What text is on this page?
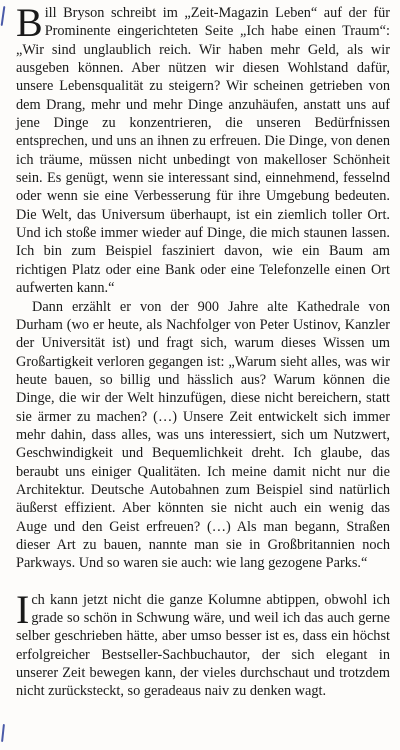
Bill Bryson schreibt im „Zeit-Magazin Leben“ auf der für Prominente eingerichteten Seite „Ich habe einen Traum“: „Wir sind unglaublich reich. Wir haben mehr Geld, als wir ausgeben können. Aber nützen wir diesen Wohlstand dafür, unsere Lebensqualität zu steigern? Wir scheinen getrieben von dem Drang, mehr und mehr Dinge anzuhäufen, anstatt uns auf jene Dinge zu konzentrieren, die unseren Bedürfnissen entsprechen, und uns an ihnen zu erfreuen. Die Dinge, von denen ich träume, müssen nicht unbedingt von makelloser Schönheit sein. Es genügt, wenn sie interessant sind, einnehmend, fesselnd oder wenn sie eine Verbesserung für ihre Umgebung bedeuten. Die Welt, das Universum überhaupt, ist ein ziemlich toller Ort. Und ich stoße immer wieder auf Dinge, die mich staunen lassen. Ich bin zum Beispiel fasziniert davon, wie ein Baum am richtigen Platz oder eine Bank oder eine Telefonzelle einen Ort aufwerten kann.“

Dann erzählt er von der 900 Jahre alte Kathedrale von Durham (wo er heute, als Nachfolger von Peter Ustinov, Kanzler der Universität ist) und fragt sich, warum dieses Wissen um Großartigkeit verloren gegangen ist: „Warum sieht alles, was wir heute bauen, so billig und hässlich aus? Warum können die Dinge, die wir der Welt hinzufügen, diese nicht bereichern, statt sie ärmer zu machen? (…) Unsere Zeit entwickelt sich immer mehr dahin, dass alles, was uns interessiert, sich um Nutzwert, Geschwindigkeit und Bequemlichkeit dreht. Ich glaube, das beraubt uns einiger Qualitäten. Ich meine damit nicht nur die Architektur. Deutsche Autobahnen zum Beispiel sind natürlich äußerst effizient. Aber könnten sie nicht auch ein wenig das Auge und den Geist erfreuen? (…) Als man begann, Straßen dieser Art zu bauen, nannte man sie in Großbritannien noch Parkways. Und so waren sie auch: wie lang gezogene Parks.“

Ich kann jetzt nicht die ganze Kolumne abtippen, obwohl ich grade so schön in Schwung wäre, und weil ich das auch gerne selber geschrieben hätte, aber umso besser ist es, dass ein höchst erfolgreicher Bestseller-Sachbuchautor, der sich elegant in unserer Zeit bewegen kann, der vieles durchschaut und trotzdem nicht zurücksteckt, so geradeaus naiv zu denken wagt.
